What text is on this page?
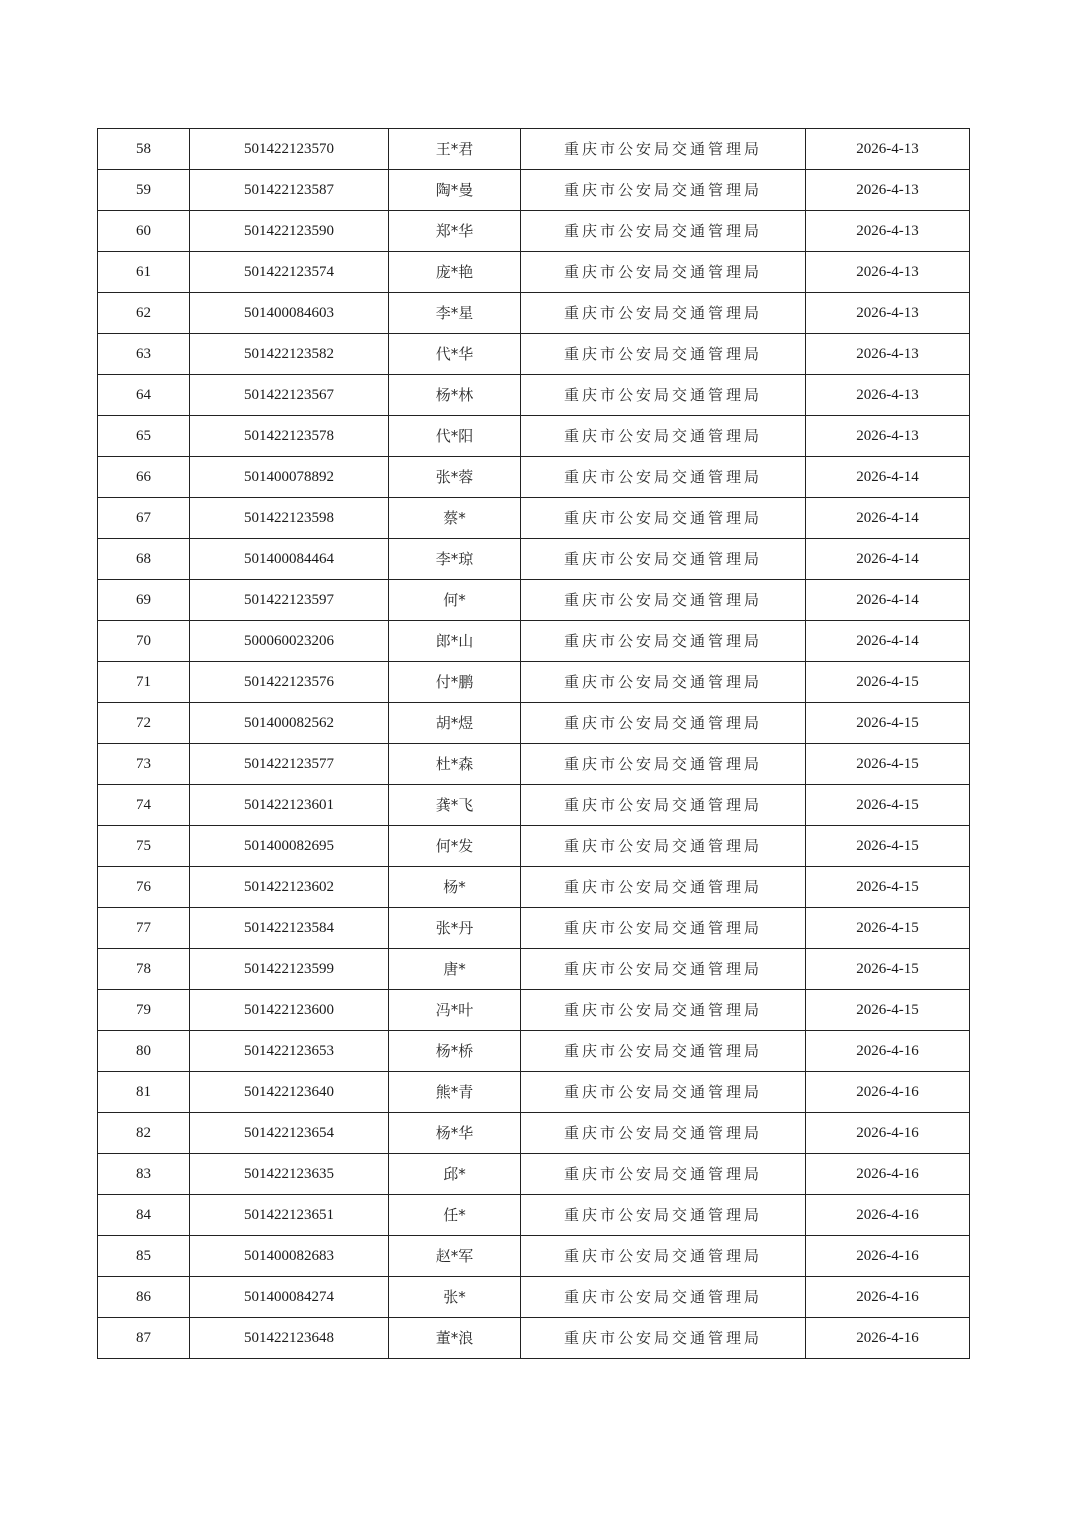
58	501422123570	王*君	重庆市公安局交通管理局	2026-4-13
59	501422123587	陶*曼	重庆市公安局交通管理局	2026-4-13
60	501422123590	郑*华	重庆市公安局交通管理局	2026-4-13
61	501422123574	庞*艳	重庆市公安局交通管理局	2026-4-13
62	501400084603	李*星	重庆市公安局交通管理局	2026-4-13
63	501422123582	代*华	重庆市公安局交通管理局	2026-4-13
64	501422123567	杨*林	重庆市公安局交通管理局	2026-4-13
65	501422123578	代*阳	重庆市公安局交通管理局	2026-4-13
66	501400078892	张*蓉	重庆市公安局交通管理局	2026-4-14
67	501422123598	蔡*	重庆市公安局交通管理局	2026-4-14
68	501400084464	李*琼	重庆市公安局交通管理局	2026-4-14
69	501422123597	何*	重庆市公安局交通管理局	2026-4-14
70	500060023206	郎*山	重庆市公安局交通管理局	2026-4-14
71	501422123576	付*鹏	重庆市公安局交通管理局	2026-4-15
72	501400082562	胡*煜	重庆市公安局交通管理局	2026-4-15
73	501422123577	杜*森	重庆市公安局交通管理局	2026-4-15
74	501422123601	龚*飞	重庆市公安局交通管理局	2026-4-15
75	501400082695	何*发	重庆市公安局交通管理局	2026-4-15
76	501422123602	杨*	重庆市公安局交通管理局	2026-4-15
77	501422123584	张*丹	重庆市公安局交通管理局	2026-4-15
78	501422123599	唐*	重庆市公安局交通管理局	2026-4-15
79	501422123600	冯*叶	重庆市公安局交通管理局	2026-4-15
80	501422123653	杨*桥	重庆市公安局交通管理局	2026-4-16
81	501422123640	熊*青	重庆市公安局交通管理局	2026-4-16
82	501422123654	杨*华	重庆市公安局交通管理局	2026-4-16
83	501422123635	邱*	重庆市公安局交通管理局	2026-4-16
84	501422123651	任*	重庆市公安局交通管理局	2026-4-16
85	501400082683	赵*军	重庆市公安局交通管理局	2026-4-16
86	501400084274	张*	重庆市公安局交通管理局	2026-4-16
87	501422123648	董*浪	重庆市公安局交通管理局	2026-4-16
